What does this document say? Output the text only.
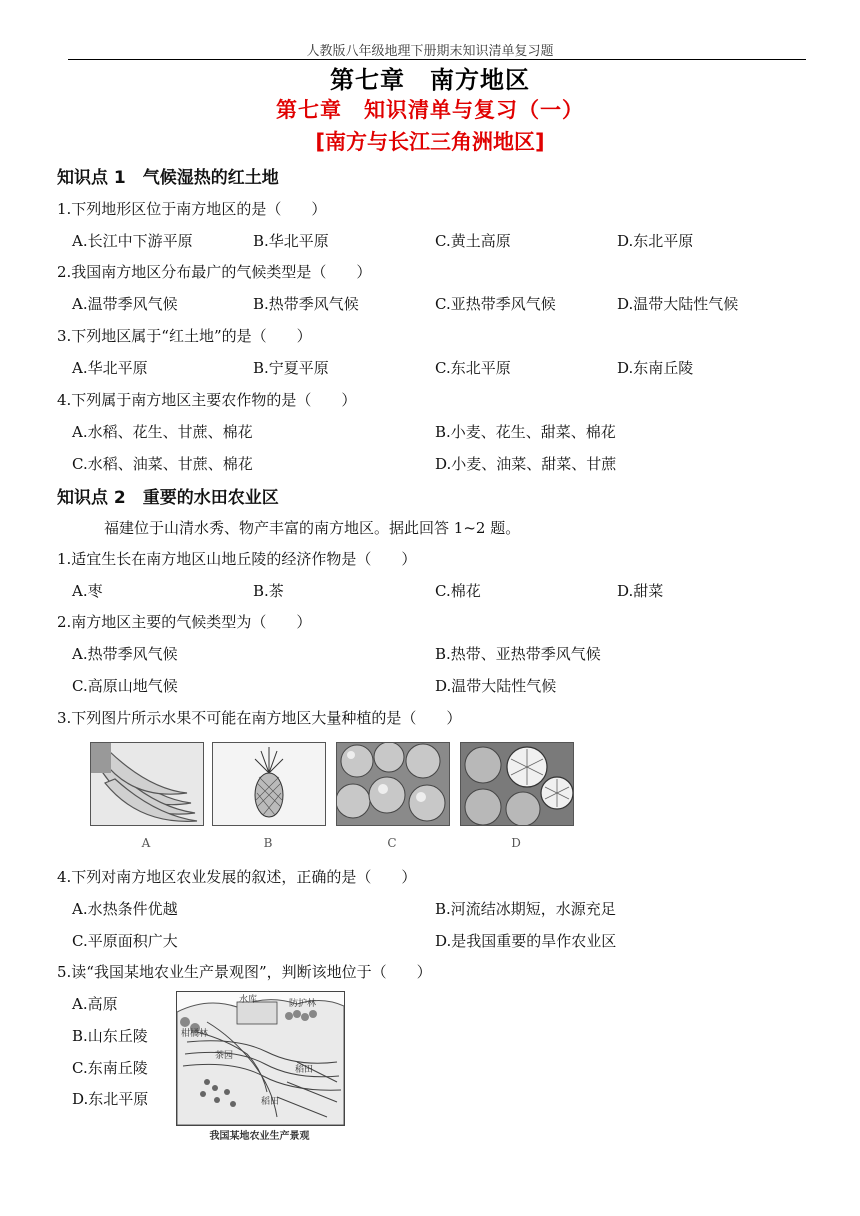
人教版八年级地理下册期末知识清单复习题
第七章　南方地区
第七章　知识清单与复习（一）
[南方与长江三角洲地区]
知识点 1　气候湿热的红土地
1.下列地形区位于南方地区的是（　　）
A.长江中下游平原	B.华北平原	C.黄土高原	D.东北平原
2.我国南方地区分布最广的气候类型是（　　）
A.温带季风气候	B.热带季风气候	C.亚热带季风气候	D.温带大陆性气候
3.下列地区属于“红土地”的是（　　）
A.华北平原	B.宁夏平原	C.东北平原	D.东南丘陵
4.下列属于南方地区主要农作物的是（　　）
A.水稻、花生、甘蔗、棉花	B.小麦、花生、甜菜、棉花
C.水稻、油菜、甘蔗、棉花	D.小麦、油菜、甜菜、甘蔗
知识点 2　重要的水田农业区
福建位于山清水秀、物产丰富的南方地区。据此回答 1~2 题。
1.适宜生长在南方地区山地丘陵的经济作物是（　　）
A.枣	B.茶	C.棉花	D.甜菜
2.南方地区主要的气候类型为（　　）
A.热带季风气候	B.热带、亚热带季风气候
C.高原山地气候	D.温带大陆性气候
3.下列图片所示水果不可能在南方地区大量种植的是（　　）
A	B	C	D
4.下列对南方地区农业发展的叙述，正确的是（　　）
A.水热条件优越	B.河流结冰期短，水源充足
C.平原面积广大	D.是我国重要的旱作农业区
5.读“我国某地农业生产景观图”，判断该地位于（　　）
A.高原
B.山东丘陵
C.东南丘陵
D.东北平原
水库	防护林
柑橘林
茶园
稻田
稻田
我国某地农业生产景观
